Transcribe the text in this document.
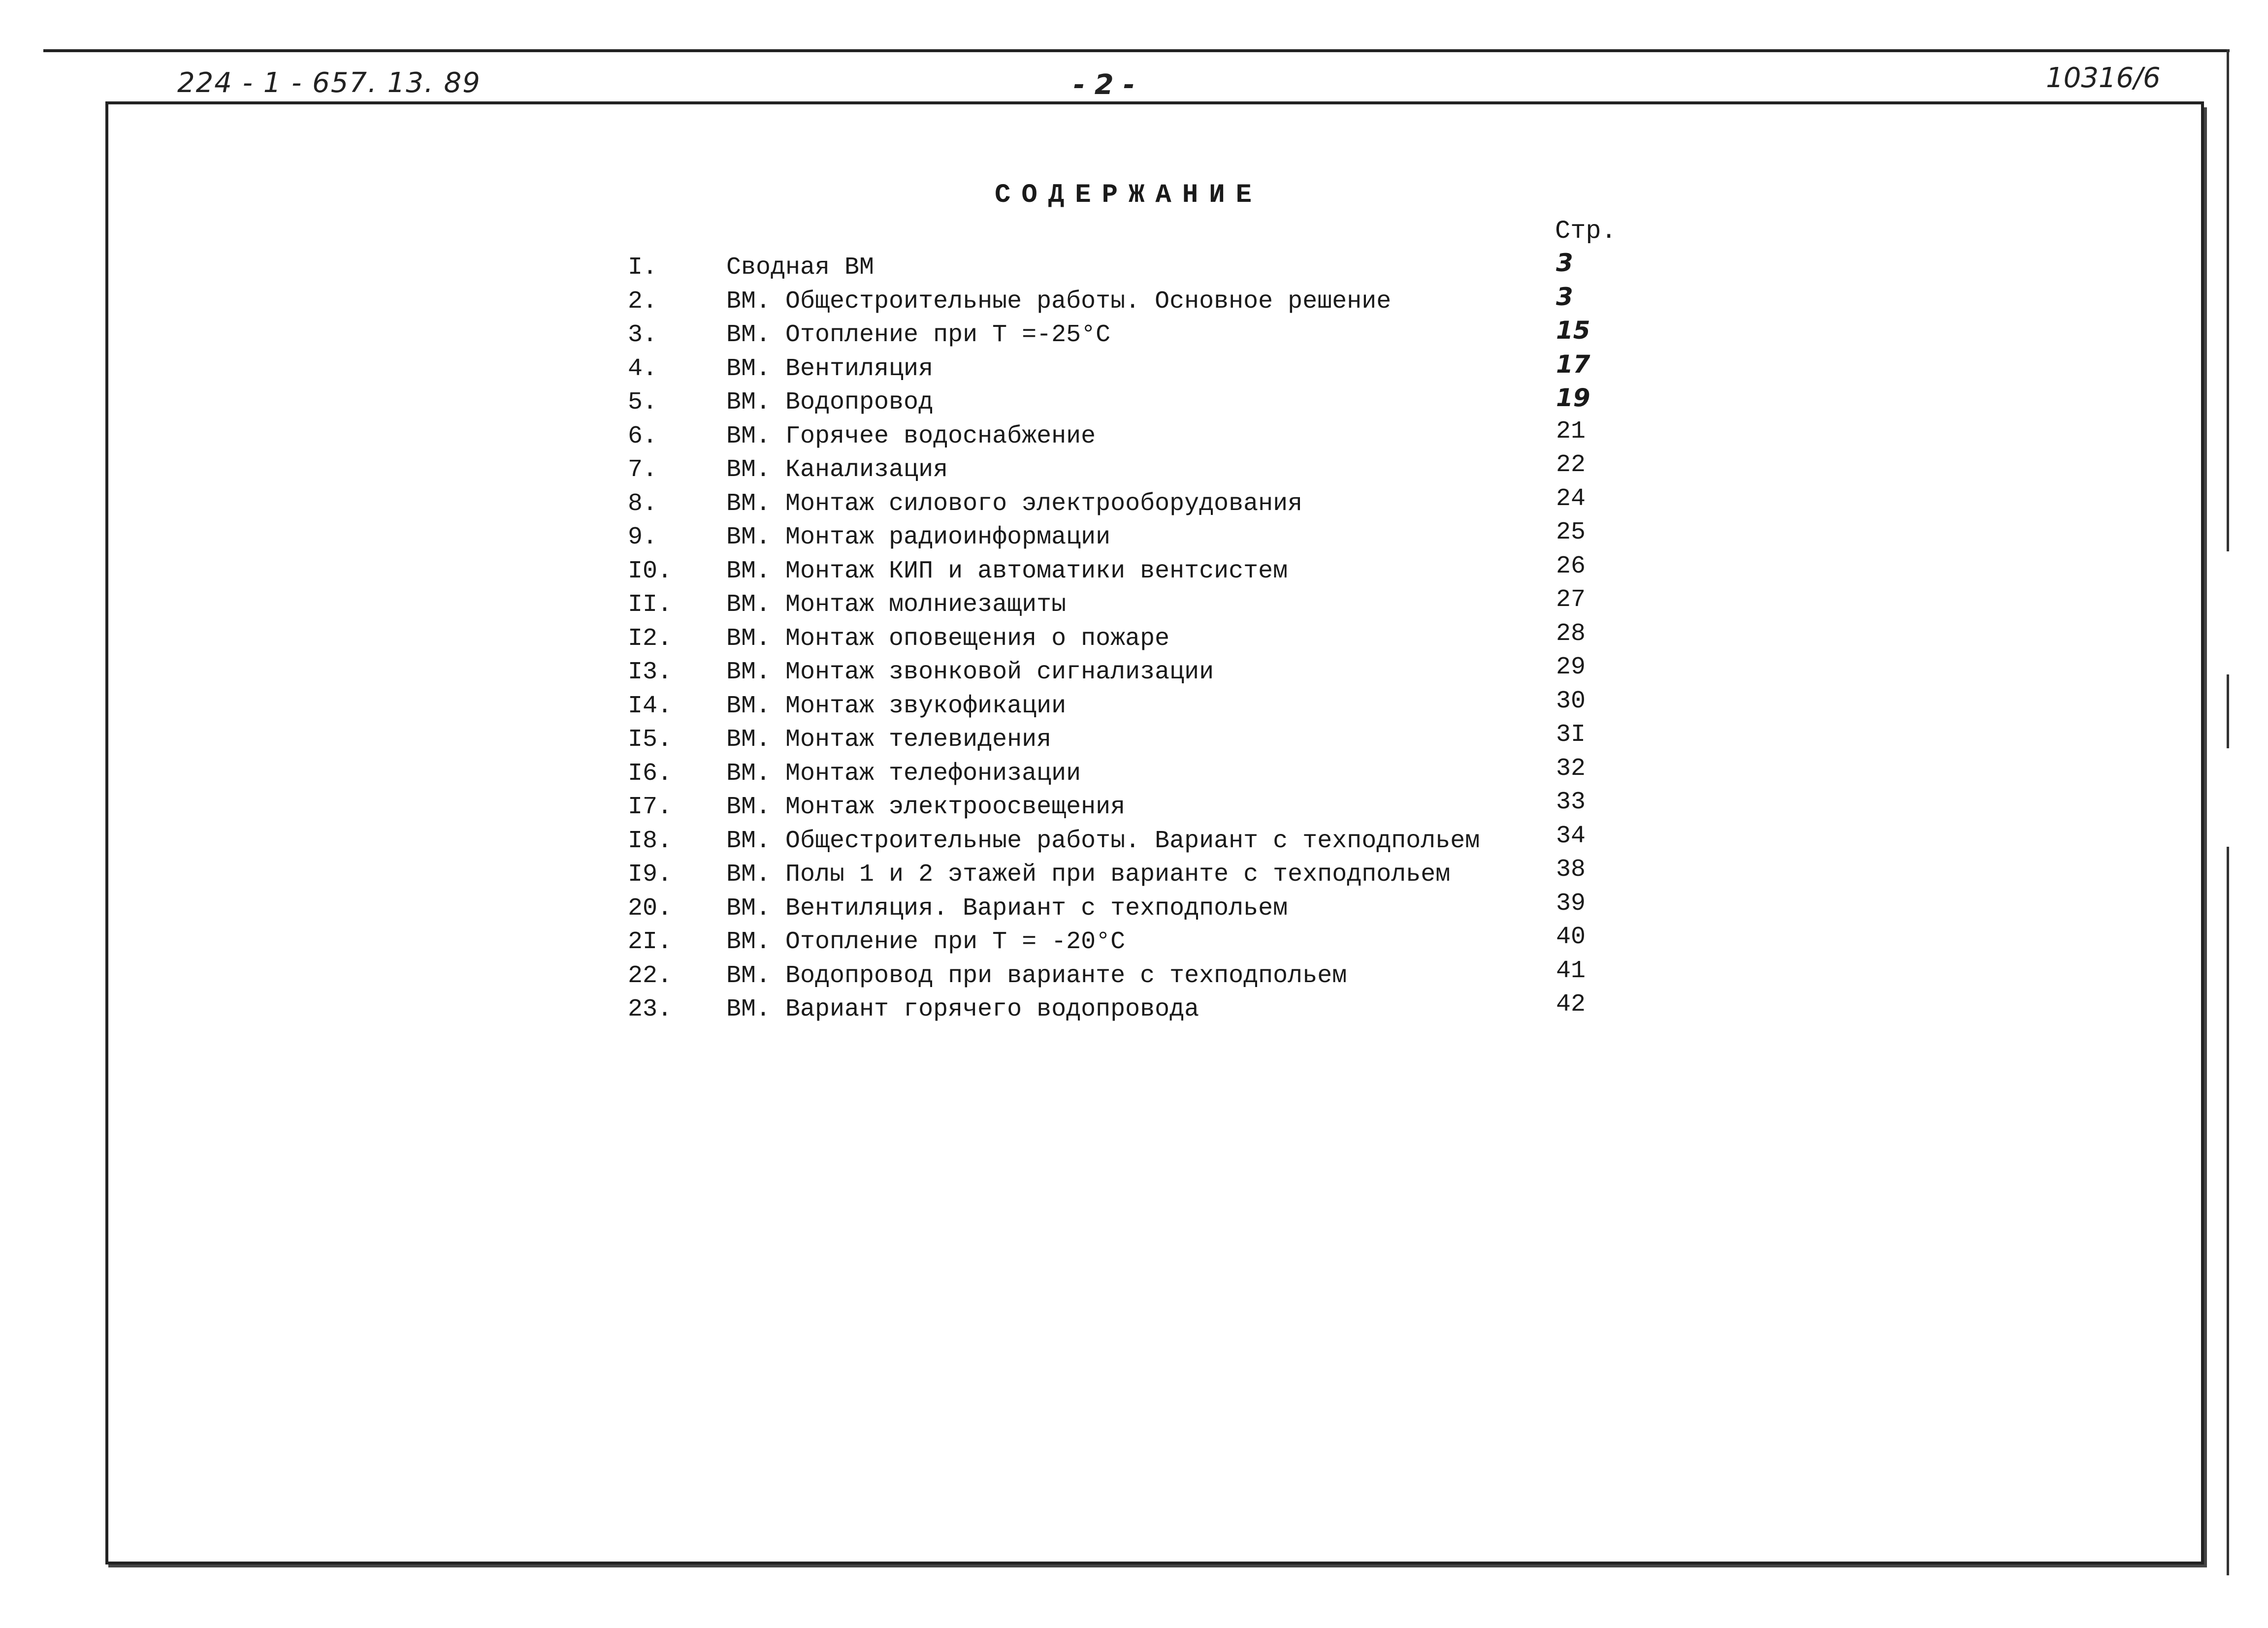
224 - 1 - 657. 13. 89	- 2 -	10316/6
СОДЕРЖАНИЕ
Стр.
I.	Сводная ВМ	3
2.	ВМ. Общестроительные работы. Основное решение	3
3.	ВМ. Отопление при Т =-25°С	15
4.	ВМ. Вентиляция	17
5.	ВМ. Водопровод	19
6.	ВМ. Горячее водоснабжение	21
7.	ВМ. Канализация	22
8.	ВМ. Монтаж силового электрооборудования	24
9.	ВМ. Монтаж радиоинформации	25
I0.	ВМ. Монтаж КИП и автоматики вентсистем	26
II.	ВМ. Монтаж молниезащиты	27
I2.	ВМ. Монтаж оповещения о пожаре	28
I3.	ВМ. Монтаж звонковой сигнализации	29
I4.	ВМ. Монтаж звукофикации	30
I5.	ВМ. Монтаж телевидения	3I
I6.	ВМ. Монтаж телефонизации	32
I7.	ВМ. Монтаж электроосвещения	33
I8.	ВМ. Общестроительные работы. Вариант с техподпольем	34
I9.	ВМ. Полы 1 и 2 этажей при варианте с техподпольем	38
20.	ВМ. Вентиляция. Вариант с техподпольем	39
2I.	ВМ. Отопление при Т = -20°С	40
22.	ВМ. Водопровод при варианте с техподпольем	41
23.	ВМ. Вариант горячего водопровода	42
